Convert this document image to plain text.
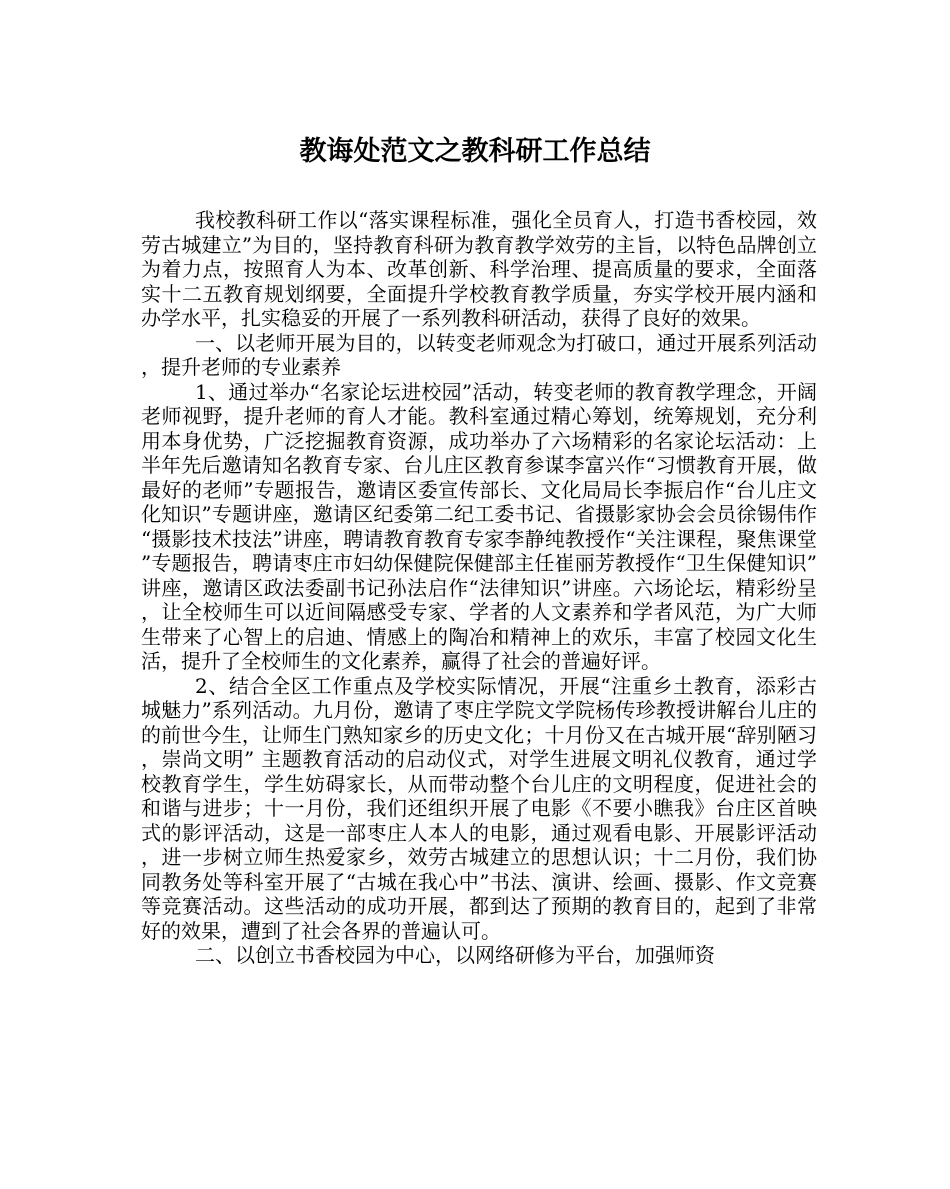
教诲处范文之教科研工作总结

我校教科研工作以“落实课程标准，强化全员育人，打造书香校园，效劳古城建立”为目的，坚持教育科研为教育教学效劳的主旨，以特色品牌创立为着力点，按照育人为本、改革创新、科学治理、提高质量的要求，全面落实十二五教育规划纲要，全面提升学校教育教学质量，夯实学校开展内涵和办学水平，扎实稳妥的开展了一系列教科研活动，获得了良好的效果。

一、以老师开展为目的，以转变老师观念为打破口，通过开展系列活动，提升老师的专业素养

1、通过举办“名家论坛进校园”活动，转变老师的教育教学理念，开阔老师视野，提升老师的育人才能。教科室通过精心筹划，统筹规划，充分利用本身优势，广泛挖掘教育资源，成功举办了六场精彩的名家论坛活动：上半年先后邀请知名教育专家、台儿庄区教育参谋李富兴作“习惯教育开展，做最好的老师”专题报告，邀请区委宣传部长、文化局局长李振启作“台儿庄文化知识”专题讲座，邀请区纪委第二纪工委书记、省摄影家协会会员徐锡伟作“摄影技术技法”讲座，聘请教育教育专家李静纯教授作“关注课程，聚焦课堂”专题报告，聘请枣庄市妇幼保健院保健部主任崔丽芳教授作“卫生保健知识”讲座，邀请区政法委副书记孙法启作“法律知识”讲座。六场论坛，精彩纷呈，让全校师生可以近间隔感受专家、学者的人文素养和学者风范，为广大师生带来了心智上的启迪、情感上的陶冶和精神上的欢乐，丰富了校园文化生活，提升了全校师生的文化素养，赢得了社会的普遍好评。

2、结合全区工作重点及学校实际情况，开展“注重乡土教育，添彩古城魅力”系列活动。九月份，邀请了枣庄学院文学院杨传珍教授讲解台儿庄的的前世今生，让师生门熟知家乡的历史文化；十月份又在古城开展“辞别陋习，崇尚文明” 主题教育活动的启动仪式，对学生进展文明礼仪教育，通过学校教育学生，学生妨碍家长，从而带动整个台儿庄的文明程度，促进社会的和谐与进步；十一月份，我们还组织开展了电影《不要小瞧我》台庄区首映式的影评活动，这是一部枣庄人本人的电影，通过观看电影、开展影评活动，进一步树立师生热爱家乡，效劳古城建立的思想认识；十二月份，我们协同教务处等科室开展了“古城在我心中”书法、演讲、绘画、摄影、作文竞赛等竞赛活动。这些活动的成功开展，都到达了预期的教育目的，起到了非常好的效果，遭到了社会各界的普遍认可。

二、以创立书香校园为中心，以网络研修为平台，加强师资
